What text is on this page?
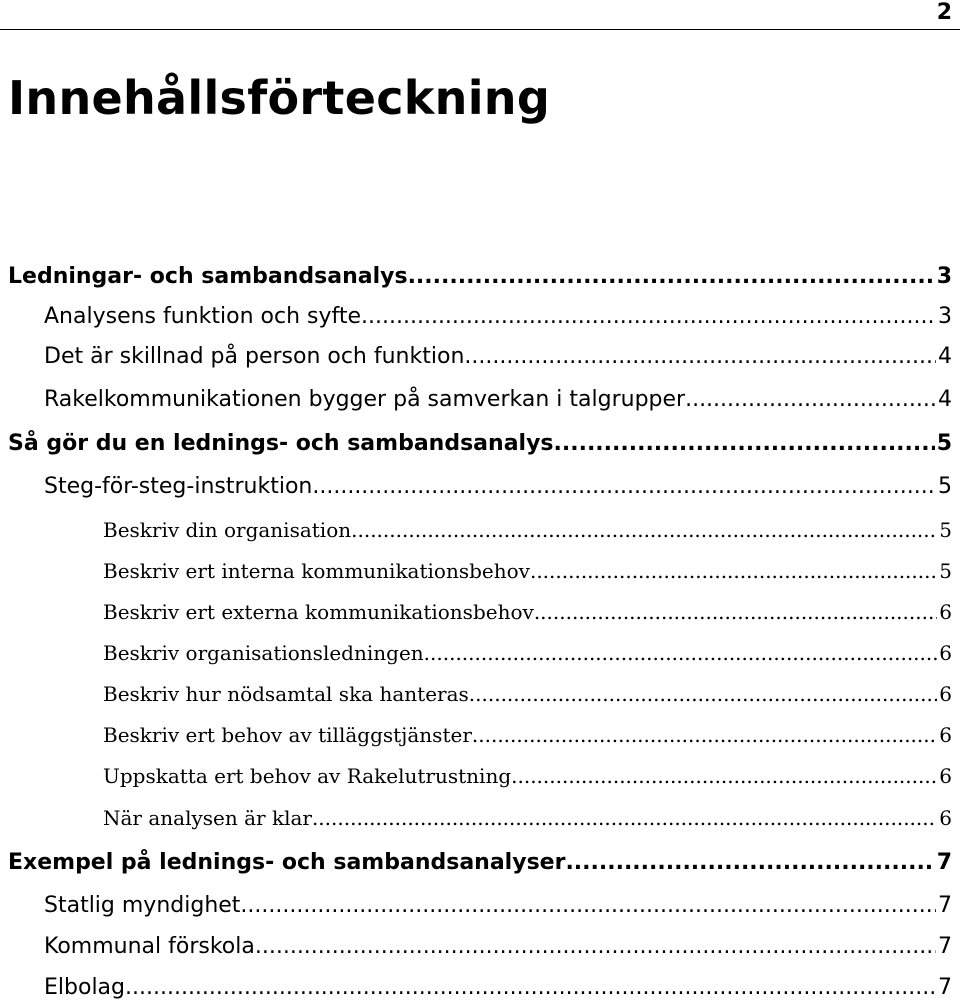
2
Innehållsförteckning
Ledningar- och sambandsanalys .....	3
Analysens funktion och syfte .....	3
Det är skillnad på person och funktion .....	4
Rakelkommunikationen bygger på samverkan i talgrupper .....	4
Så gör du en lednings- och sambandsanalys .....	5
Steg-för-steg-instruktion .....	5
Beskriv din organisation .....	5
Beskriv ert interna kommunikationsbehov .....	5
Beskriv ert externa kommunikationsbehov .....	6
Beskriv organisationsledningen .....	6
Beskriv hur nödsamtal ska hanteras .....	6
Beskriv ert behov av tilläggstjänster .....	6
Uppskatta ert behov av Rakelutrustning .....	6
När analysen är klar .....	6
Exempel på lednings- och sambandsanalyser .....	7
Statlig myndighet .....	7
Kommunal förskola .....	7
Elbolag .....	7
